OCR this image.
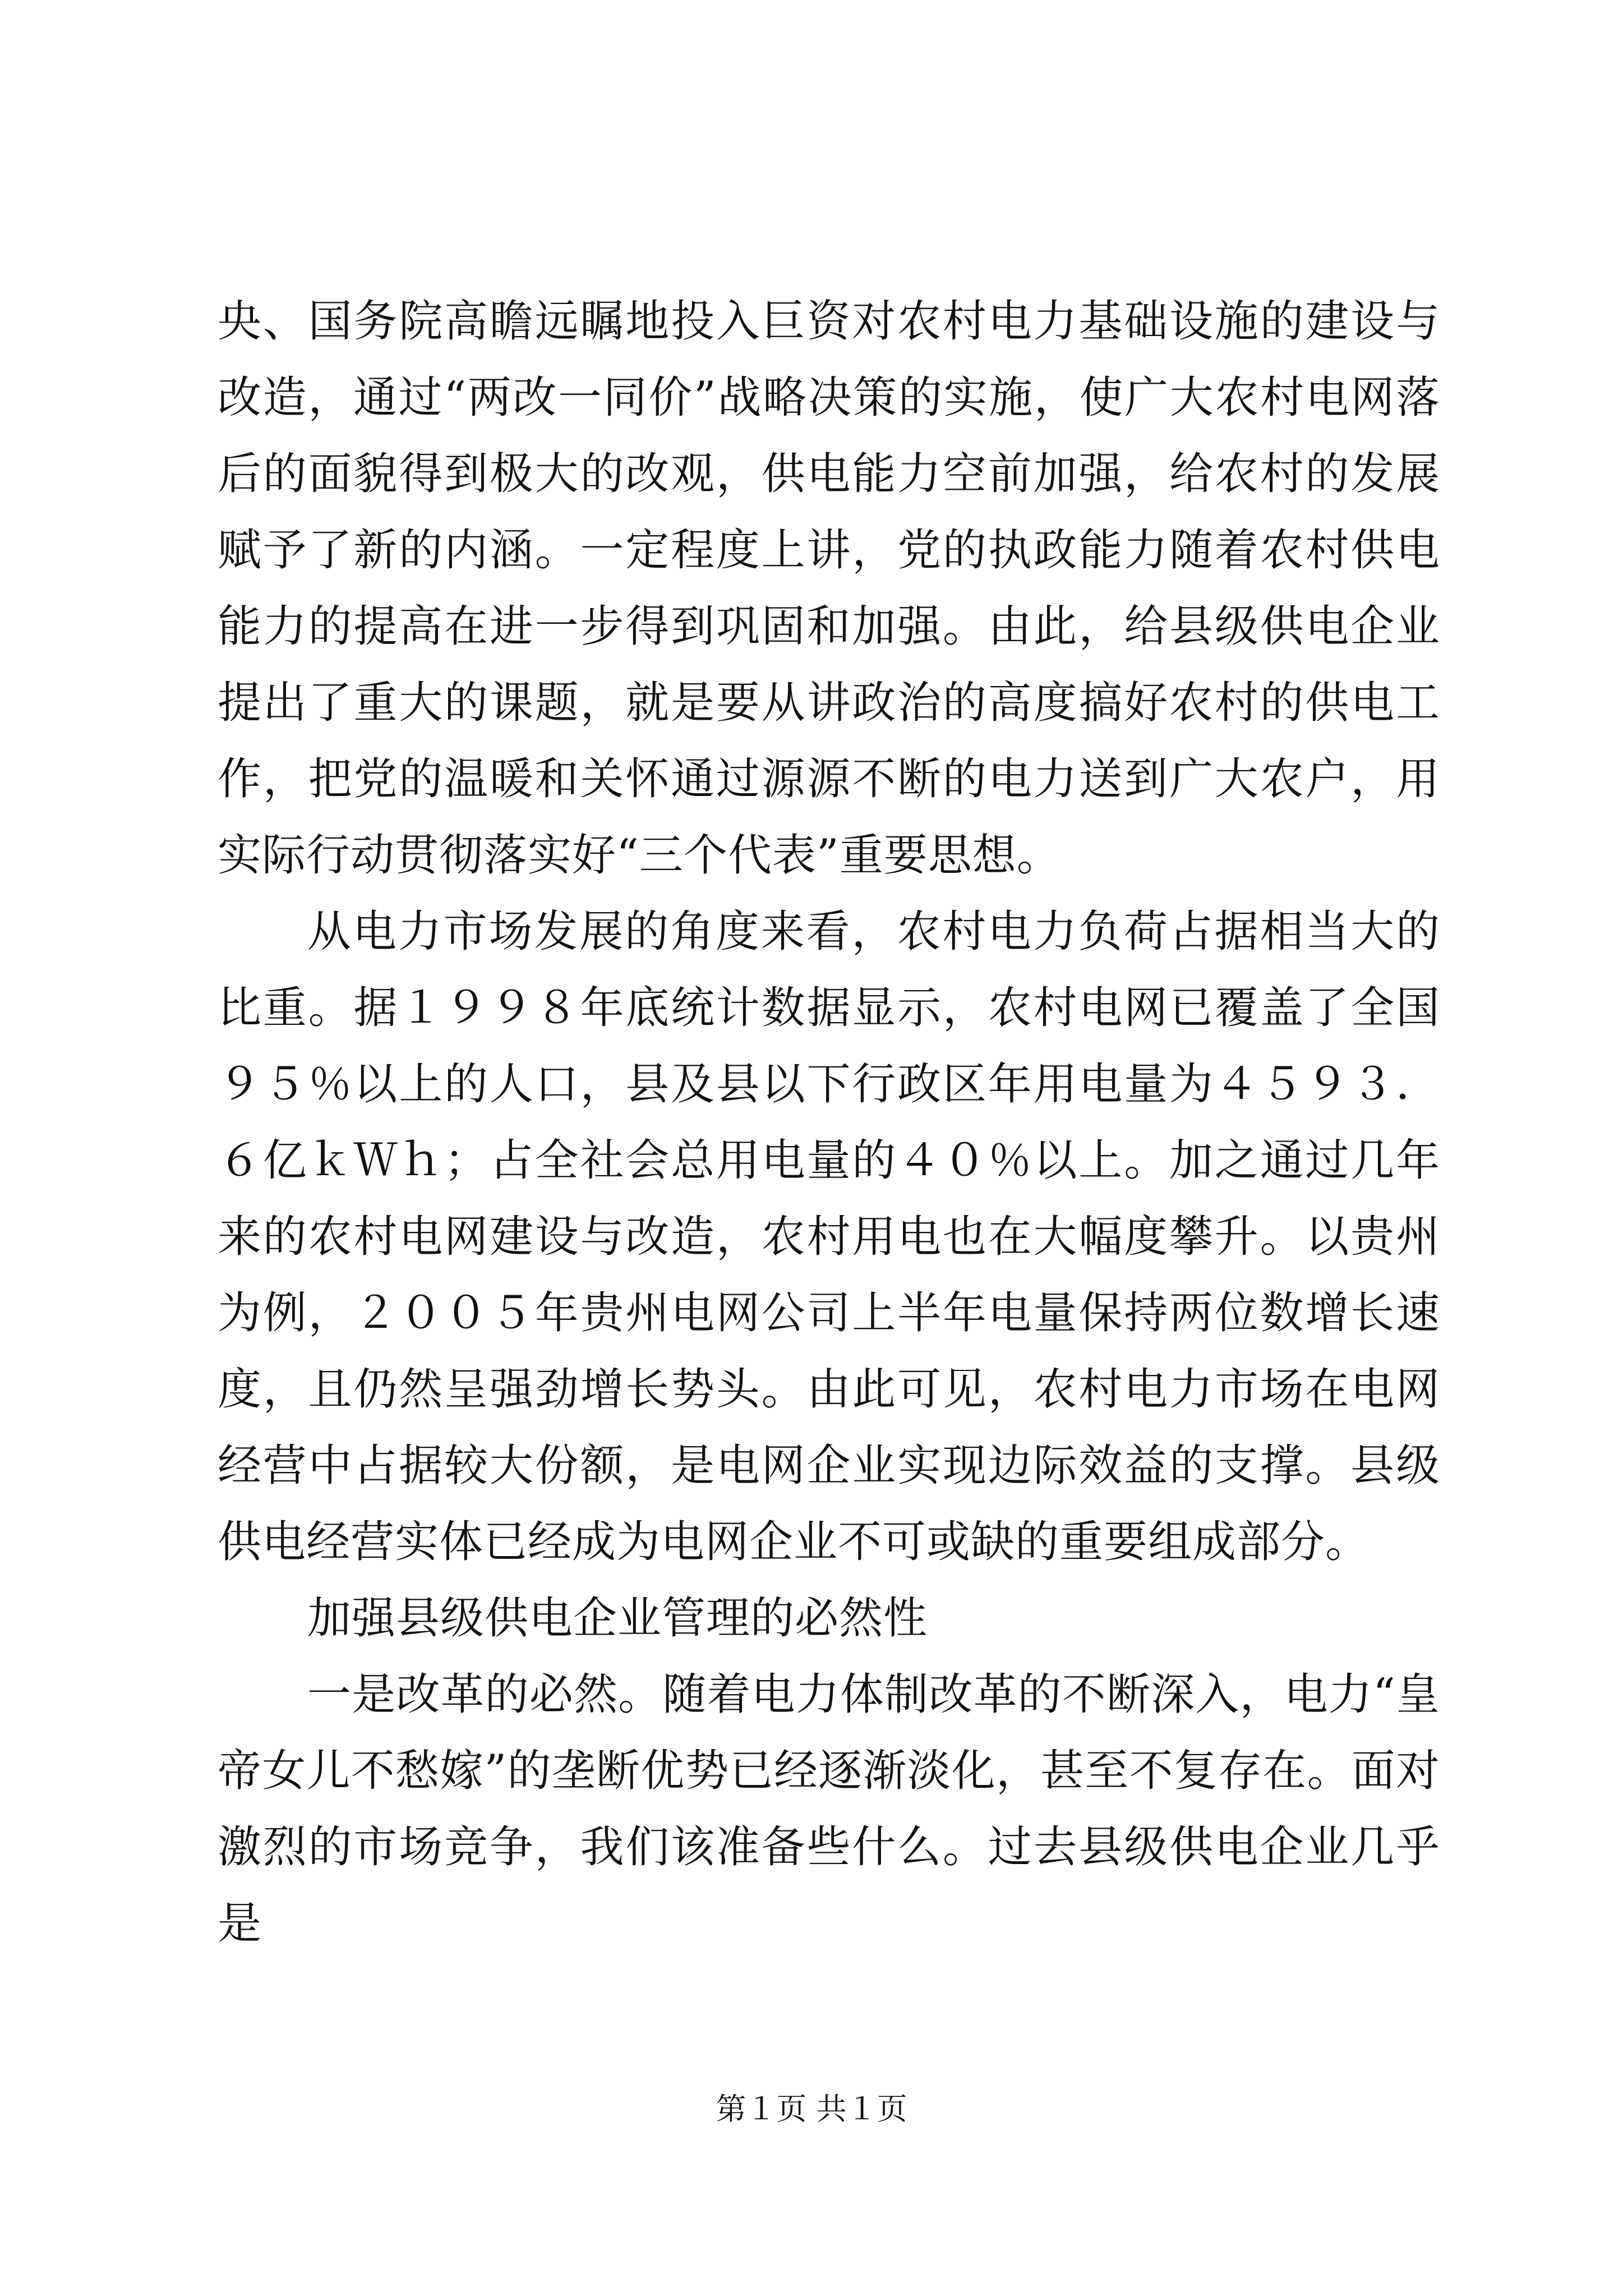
央、国务院高瞻远瞩地投入巨资对农村电力基础设施的建设与改造，通过“两改一同价”战略决策的实施，使广大农村电网落后的面貌得到极大的改观，供电能力空前加强，给农村的发展赋予了新的内涵。一定程度上讲，党的执政能力随着农村供电能力的提高在进一步得到巩固和加强。由此，给县级供电企业提出了重大的课题，就是要从讲政治的高度搞好农村的供电工作，把党的温暖和关怀通过源源不断的电力送到广大农户，用实际行动贯彻落实好“三个代表”重要思想。

从电力市场发展的角度来看，农村电力负荷占据相当大的比重。据１９９８年底统计数据显示，农村电网已覆盖了全国９５％以上的人口，县及县以下行政区年用电量为４５９３．６亿ｋＷｈ；占全社会总用电量的４０％以上。加之通过几年来的农村电网建设与改造，农村用电也在大幅度攀升。以贵州为例，２００５年贵州电网公司上半年电量保持两位数增长速度，且仍然呈强劲增长势头。由此可见，农村电力市场在电网经营中占据较大份额，是电网企业实现边际效益的支撑。县级供电经营实体已经成为电网企业不可或缺的重要组成部分。

加强县级供电企业管理的必然性

一是改革的必然。随着电力体制改革的不断深入，电力“皇帝女儿不愁嫁”的垄断优势已经逐渐淡化，甚至不复存在。面对激烈的市场竞争，我们该准备些什么。过去县级供电企业几乎是

第１页 共１页
